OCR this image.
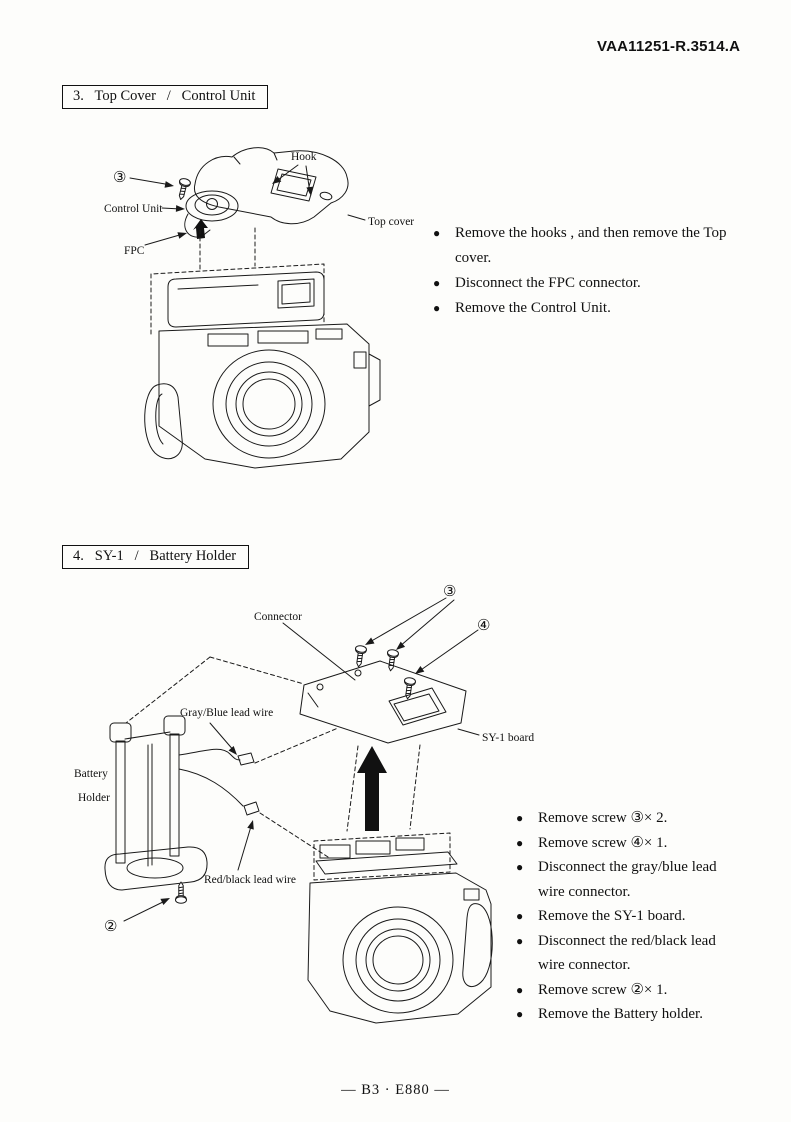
VAA11251-R.3514.A
3.   Top Cover   /   Control Unit
③
Hook
Control Unit
Top cover
FPC
● Remove the hooks , and then remove the Top cover.
● Disconnect the FPC connector.
● Remove the Control Unit.
4.   SY-1   /   Battery Holder
③
④
②
Connector
Gray/Blue lead wire
Battery
Holder
SY-1 board
Red/black lead wire
● Remove screw ③× 2.
● Remove screw ④× 1.
● Disconnect the gray/blue lead wire connector.
● Remove the SY-1 board.
● Disconnect the red/black lead wire connector.
● Remove screw ②× 1.
● Remove the Battery holder.
— B3 · E880 —
